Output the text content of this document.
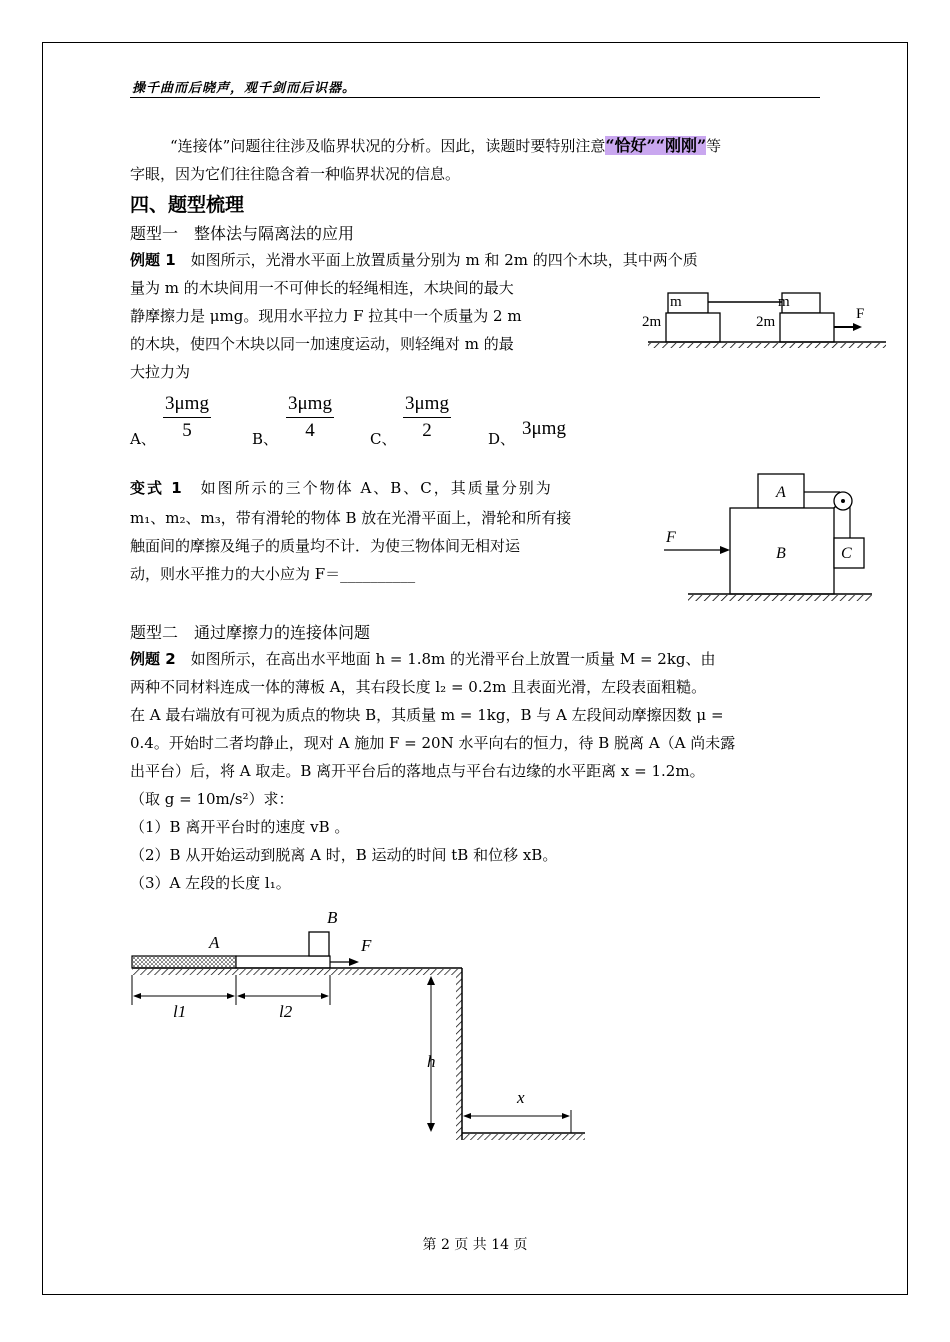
操千曲而后晓声，观千剑而后识器。
“连接体”问题往往涉及临界状况的分析。因此，读题时要特别注意“恰好”“刚刚”等
字眼，因为它们往往隐含着一种临界状况的信息。
四、题型梳理
题型一　整体法与隔离法的应用
例题 1　如图所示，光滑水平面上放置质量分别为 m 和 2m 的四个木块，其中两个质
量为 m 的木块间用一不可伸长的轻绳相连，木块间的最大
静摩擦力是 μmg。现用水平拉力 F 拉其中一个质量为 2 m
的木块，使四个木块以同一加速度运动，则轻绳对 m 的最
大拉力为
A、
3μmg
5	B、
3μmg
4	C、
3μmg
2	D、 3μmg
m	m
2m	2m	F
变式 1　如图所示的三个物体 A、B、C，其质量分别为
m₁、m₂、m₃，带有滑轮的物体 B 放在光滑平面上，滑轮和所有接
触面间的摩擦及绳子的质量均不计．为使三物体间无相对运
动，则水平推力的大小应为 F＝__________
A
B	C
F
题型二　通过摩擦力的连接体问题
例题 2　如图所示，在高出水平地面 h = 1.8m 的光滑平台上放置一质量 M = 2kg、由
两种不同材料连成一体的薄板 A，其右段长度 l₂ = 0.2m 且表面光滑，左段表面粗糙。
在 A 最右端放有可视为质点的物块 B，其质量 m = 1kg，B 与 A 左段间动摩擦因数 μ =
0.4。开始时二者均静止，现对 A 施加 F = 20N 水平向右的恒力，待 B 脱离 A（A 尚未露
出平台）后，将 A 取走。B 离开平台后的落地点与平台右边缘的水平距离 x = 1.2m。
（取 g = 10m/s²）求：
（1）B 离开平台时的速度 vB 。
（2）B 从开始运动到脱离 A 时，B 运动的时间 tB 和位移 xB。
（3）A 左段的长度 l₁。
A
B
F
l1	l2
h
x
第 2 页 共 14 页
